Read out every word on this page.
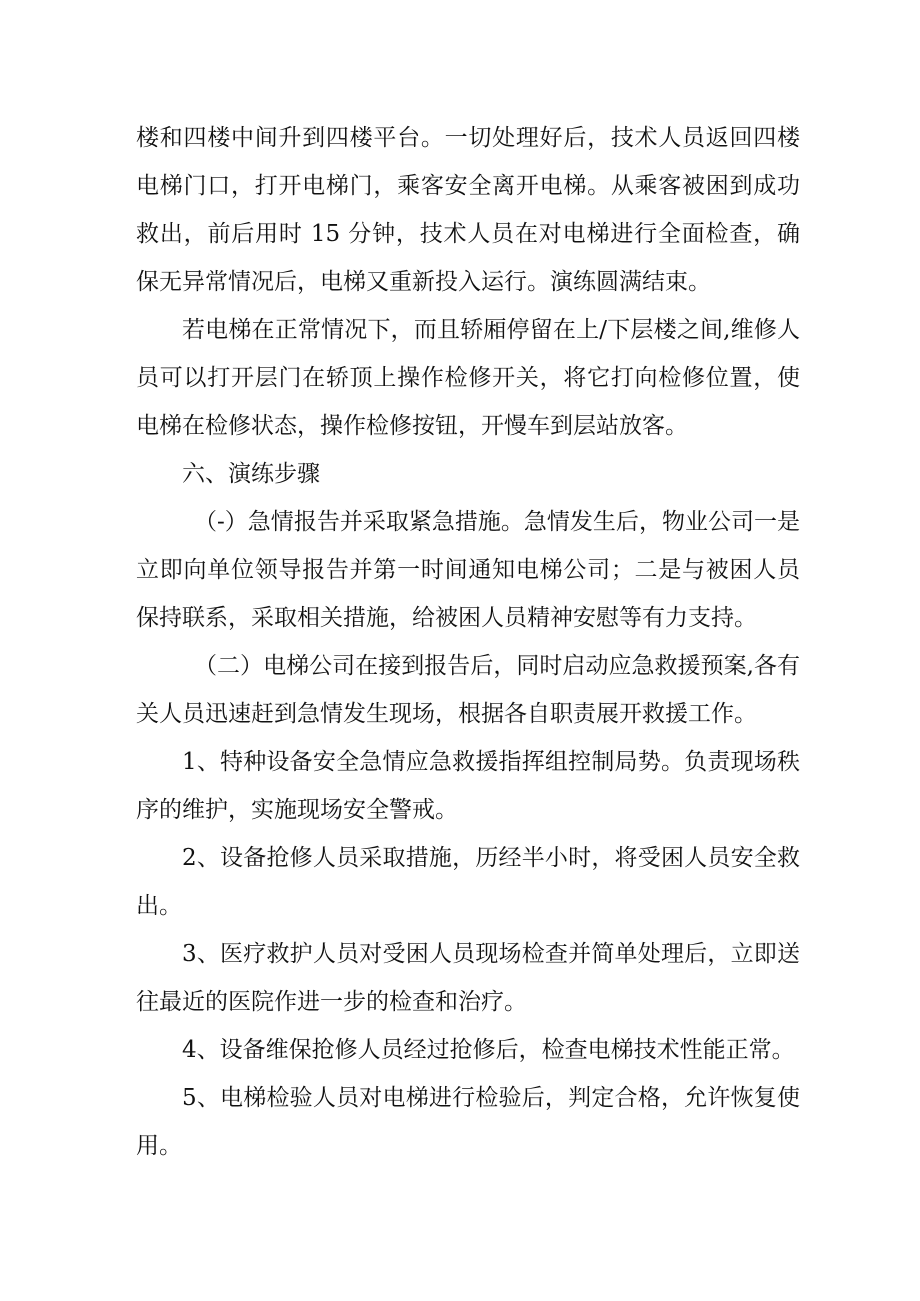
楼和四楼中间升到四楼平台。一切处理好后，技术人员返回四楼电梯门口，打开电梯门，乘客安全离开电梯。从乘客被困到成功救出，前后用时 15 分钟，技术人员在对电梯进行全面检查，确保无异常情况后，电梯又重新投入运行。演练圆满结束。

若电梯在正常情况下，而且轿厢停留在上/下层楼之间,维修人员可以打开层门在轿顶上操作检修开关，将它打向检修位置，使电梯在检修状态，操作检修按钮，开慢车到层站放客。

六、演练步骤

（-）急情报告并采取紧急措施。急情发生后，物业公司一是立即向单位领导报告并第一时间通知电梯公司；二是与被困人员保持联系，采取相关措施，给被困人员精神安慰等有力支持。

（二）电梯公司在接到报告后，同时启动应急救援预案,各有关人员迅速赶到急情发生现场，根据各自职责展开救援工作。

1、特种设备安全急情应急救援指挥组控制局势。负责现场秩序的维护，实施现场安全警戒。

2、设备抢修人员采取措施，历经半小时，将受困人员安全救出。

3、医疗救护人员对受困人员现场检查并简单处理后，立即送往最近的医院作进一步的检查和治疗。

4、设备维保抢修人员经过抢修后，检查电梯技术性能正常。

5、电梯检验人员对电梯进行检验后，判定合格，允许恢复使用。
